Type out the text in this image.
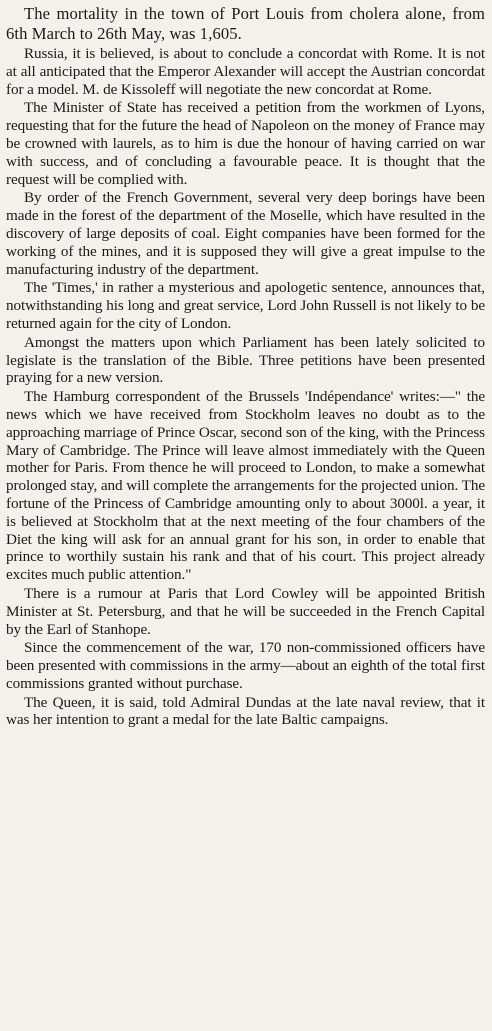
The mortality in the town of Port Louis from cholera alone, from 6th March to 26th May, was 1,605.

Russia, it is believed, is about to conclude a concordat with Rome. It is not at all anticipated that the Emperor Alexander will accept the Austrian concordat for a model. M. de Kissoleff will negotiate the new concordat at Rome.

The Minister of State has received a petition from the workmen of Lyons, requesting that for the future the head of Napoleon on the money of France may be crowned with laurels, as to him is due the honour of having carried on war with success, and of concluding a favourable peace. It is thought that the request will be complied with.

By order of the French Government, several very deep borings have been made in the forest of the department of the Moselle, which have resulted in the discovery of large deposits of coal. Eight companies have been formed for the working of the mines, and it is supposed they will give a great impulse to the manufacturing industry of the department.

The 'Times,' in rather a mysterious and apologetic sentence, announces that, notwithstanding his long and great service, Lord John Russell is not likely to be returned again for the city of London.

Amongst the matters upon which Parliament has been lately solicited to legislate is the translation of the Bible. Three petitions have been presented praying for a new version.

The Hamburg correspondent of the Brussels 'Indépendance' writes:—" the news which we have received from Stockholm leaves no doubt as to the approaching marriage of Prince Oscar, second son of the king, with the Princess Mary of Cambridge. The Prince will leave almost immediately with the Queen mother for Paris. From thence he will proceed to London, to make a somewhat prolonged stay, and will complete the arrangements for the projected union. The fortune of the Princess of Cambridge amounting only to about 3000l. a year, it is believed at Stockholm that at the next meeting of the four chambers of the Diet the king will ask for an annual grant for his son, in order to enable that prince to worthily sustain his rank and that of his court. This project already excites much public attention."

There is a rumour at Paris that Lord Cowley will be appointed British Minister at St. Petersburg, and that he will be succeeded in the French Capital by the Earl of Stanhope.

Since the commencement of the war, 170 non-commissioned officers have been presented with commissions in the army—about an eighth of the total first commissions granted without purchase.

The Queen, it is said, told Admiral Dundas at the late naval review, that it was her intention to grant a medal for the late Baltic campaigns.
